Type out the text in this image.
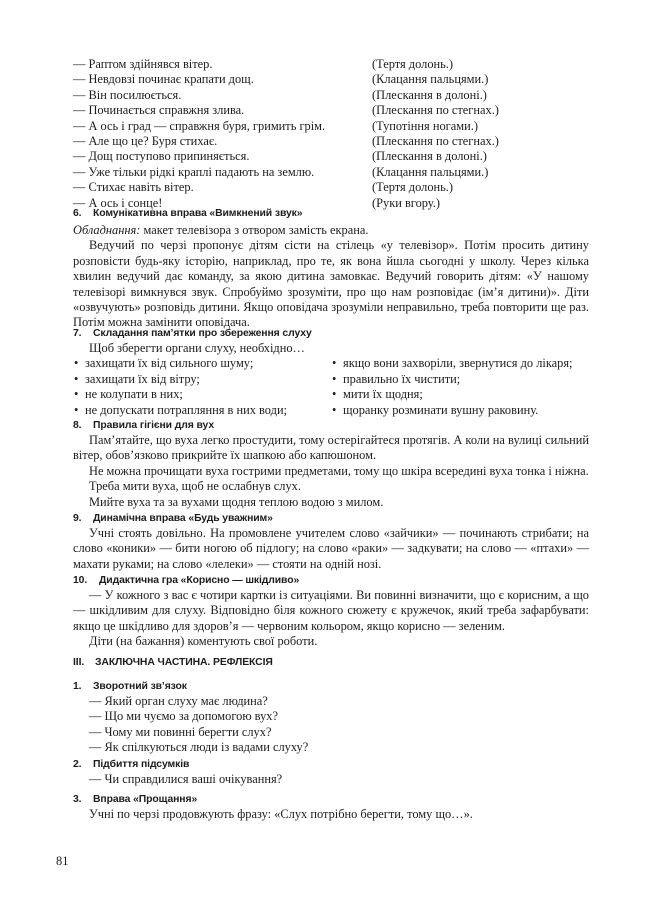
— Раптом здійнявся вітер.	(Тертя долонь.)
— Невдовзі починає крапати дощ.	(Клацання пальцями.)
— Він посилюється.	(Плескання в долоні.)
— Починається справжня злива.	(Плескання по стегнах.)
— А ось і град — справжня буря, гримить грім.	(Тупотіння ногами.)
— Але що це? Буря стихає.	(Плескання по стегнах.)
— Дощ поступово припиняється.	(Плескання в долоні.)
— Уже тільки рідкі краплі падають на землю.	(Клацання пальцями.)
— Стихає навіть вітер.	(Тертя долонь.)
— А ось і сонце!	(Руки вгору.)
6. Комунікативна вправа «Вимкнений звук»
Обладнання: макет телевізора з отвором замість екрана.
Ведучий по черзі пропонує дітям сісти на стілець «у телевізор». Потім просить дитину розповісти будь-яку історію, наприклад, про те, як вона йшла сьогодні у школу. Через кілька хвилин ведучий дає команду, за якою дитина замовкає. Ведучий говорить дітям: «У нашому телевізорі вимкнувся звук. Спробуймо зрозуміти, про що нам розповідає (ім’я дитини)». Діти «озвучують» розповідь дитини. Якщо оповідача зрозуміли неправильно, треба повторити ще раз. Потім можна замінити оповідача.
7. Складання пам’ятки про збереження слуху
Щоб зберегти органи слуху, необхідно…
• захищати їх від сильного шуму;
• захищати їх від вітру;
• не колупати в них;
• не допускати потрапляння в них води;
• якщо вони захворіли, звернутися до лікаря;
• правильно їх чистити;
• мити їх щодня;
• щоранку розминати вушну раковину.
8. Правила гігієни для вух
Пам’ятайте, що вуха легко простудити, тому остерігайтеся протягів. А коли на вулиці сильний вітер, обов’язково прикрийте їх шапкою або капюшоном.
Не можна прочищати вуха гострими предметами, тому що шкіра всередині вуха тонка і ніжна.
Треба мити вуха, щоб не ослабнув слух.
Мийте вуха та за вухами щодня теплою водою з милом.
9. Динамічна вправа «Будь уважним»
Учні стоять довільно. На промовлене учителем слово «зайчики» — починають стрибати; на слово «коники» — бити ногою об підлогу; на слово «раки» — задкувати; на слово — «птахи» — махати руками; на слово «лелеки» — стояти на одній нозі.
10. Дидактична гра «Корисно — шкідливо»
— У кожного з вас є чотири картки із ситуаціями. Ви повинні визначити, що є корисним, а що — шкідливим для слуху. Відповідно біля кожного сюжету є кружечок, який треба зафарбувати: якщо це шкідливо для здоров’я — червоним кольором, якщо корисно — зеленим.
Діти (на бажання) коментують свої роботи.
ІІІ. ЗАКЛЮЧНА ЧАСТИНА. РЕФЛЕКСІЯ
1. Зворотний зв’язок
— Який орган слуху має людина?
— Що ми чуємо за допомогою вух?
— Чому ми повинні берегти слух?
— Як спілкуються люди із вадами слуху?
2. Підбиття підсумків
— Чи справдилися ваші очікування?
3. Вправа «Прощання»
Учні по черзі продовжують фразу: «Слух потрібно берегти, тому що…».
81
